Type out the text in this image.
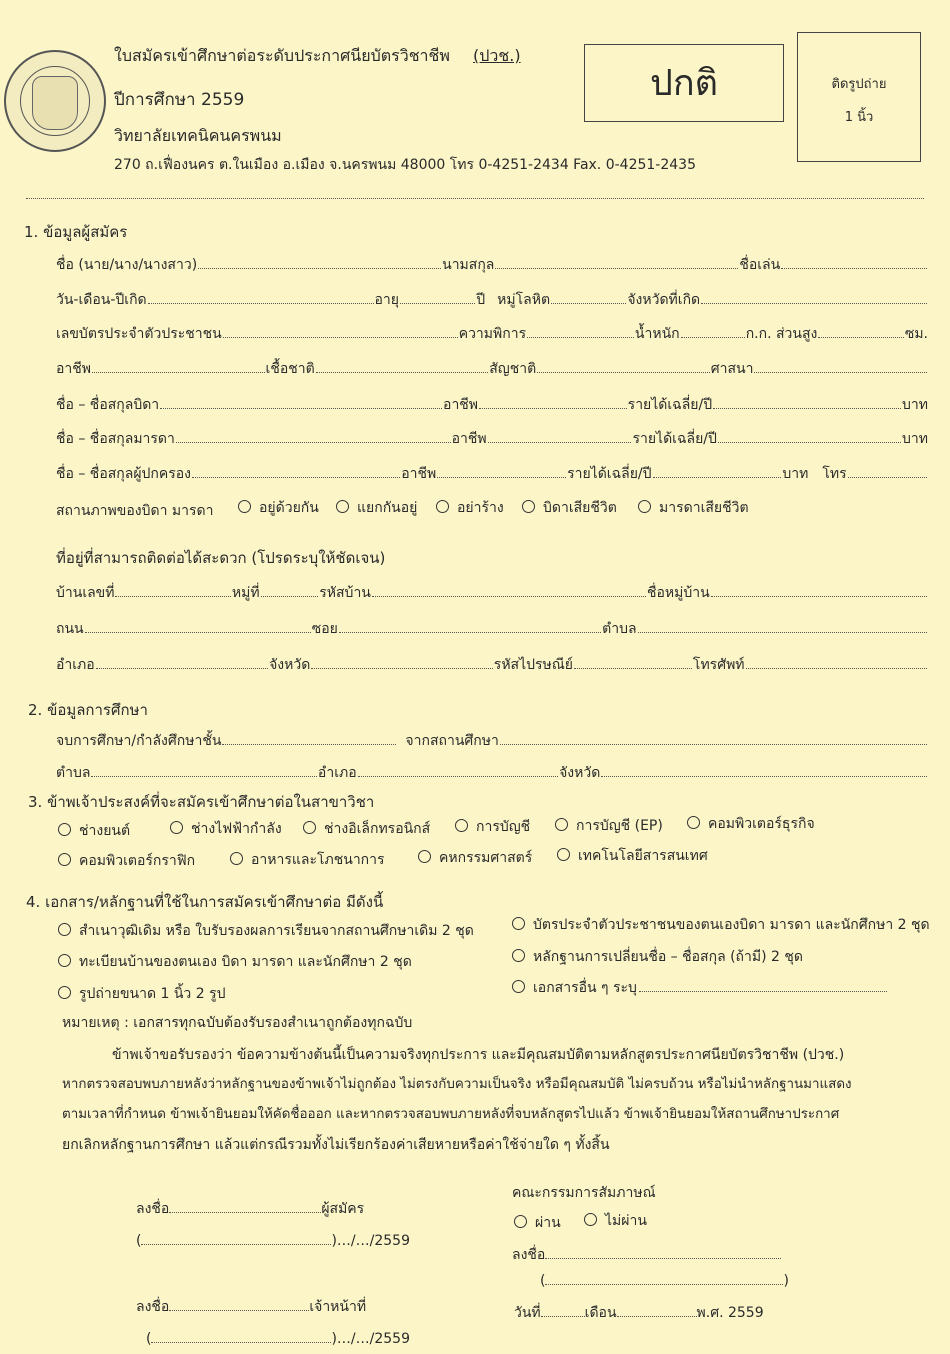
ใบสมัครเข้าศึกษาต่อระดับประกาศนียบัตรวิชาชีพ (ปวช.)
ปีการศึกษา 2559
วิทยาลัยเทคนิคนครพนม
270 ถ.เฟื่องนคร ต.ในเมือง อ.เมือง จ.นครพนม 48000 โทร 0-4251-2434 Fax. 0-4251-2435
ปกติ	ติดรูปถ่าย
1 นิ้ว
1. ข้อมูลผู้สมัคร
ชื่อ (นาย/นาง/นางสาว)	นามสกุล	ชื่อเล่น
วัน-เดือน-ปีเกิด	อายุ	ปี หมู่โลหิต	จังหวัดที่เกิด
เลขบัตรประจำตัวประชาชน	ความพิการ	น้ำหนัก	ก.ก. ส่วนสูง	ซม.
อาชีพ	เชื้อชาติ	สัญชาติ	ศาสนา
ชื่อ – ชื่อสกุลบิดา	อาชีพ	รายได้เฉลี่ย/ปี	บาท
ชื่อ – ชื่อสกุลมารดา	อาชีพ	รายได้เฉลี่ย/ปี	บาท
ชื่อ – ชื่อสกุลผู้ปกครอง	อาชีพ	รายได้เฉลี่ย/ปี	บาท โทร
สถานภาพของบิดา มารดา	อยู่ด้วยกัน	แยกกันอยู่	อย่าร้าง	บิดาเสียชีวิต	มารดาเสียชีวิต
ที่อยู่ที่สามารถติดต่อได้สะดวก (โปรดระบุให้ชัดเจน)
บ้านเลขที่	หมู่ที่	รหัสบ้าน	ชื่อหมู่บ้าน
ถนน	ซอย	ตำบล
อำเภอ	จังหวัด	รหัสไปรษณีย์	โทรศัพท์
2. ข้อมูลการศึกษา
จบการศึกษา/กำลังศึกษาชั้น	จากสถานศึกษา
ตำบล	อำเภอ	จังหวัด
3. ข้าพเจ้าประสงค์ที่จะสมัครเข้าศึกษาต่อในสาขาวิชา
ช่างยนต์	ช่างไฟฟ้ากำลัง	ช่างอิเล็กทรอนิกส์	การบัญชี	การบัญชี (EP)	คอมพิวเตอร์ธุรกิจ
คอมพิวเตอร์กราฟิก	อาหารและโภชนาการ	คหกรรมศาสตร์	เทคโนโลยีสารสนเทศ
4. เอกสาร/หลักฐานที่ใช้ในการสมัครเข้าศึกษาต่อ มีดังนี้
สำเนาวุฒิเดิม หรือ ใบรับรองผลการเรียนจากสถานศึกษาเดิม 2 ชุด
ทะเบียนบ้านของตนเอง บิดา มารดา และนักศึกษา 2 ชุด
รูปถ่ายขนาด 1 นิ้ว 2 รูป
บัตรประจำตัวประชาชนของตนเองบิดา มารดา และนักศึกษา 2 ชุด
หลักฐานการเปลี่ยนชื่อ – ชื่อสกุล (ถ้ามี) 2 ชุด
เอกสารอื่น ๆ ระบุ
หมายเหตุ : เอกสารทุกฉบับต้องรับรองสำเนาถูกต้องทุกฉบับ
ข้าพเจ้าขอรับรองว่า ข้อความข้างต้นนี้เป็นความจริงทุกประการ และมีคุณสมบัติตามหลักสูตรประกาศนียบัตรวิชาชีพ (ปวช.)
หากตรวจสอบพบภายหลังว่าหลักฐานของข้าพเจ้าไม่ถูกต้อง ไม่ตรงกับความเป็นจริง หรือมีคุณสมบัติ ไม่ครบถ้วน หรือไม่นำหลักฐานมาแสดง
ตามเวลาที่กำหนด ข้าพเจ้ายินยอมให้คัดชื่อออก และหากตรวจสอบพบภายหลังที่จบหลักสูตรไปแล้ว ข้าพเจ้ายินยอมให้สถานศึกษาประกาศ
ยกเลิกหลักฐานการศึกษา แล้วแต่กรณีรวมทั้งไม่เรียกร้องค่าเสียหายหรือค่าใช้จ่ายใด ๆ ทั้งสิ้น
ลงชื่อ	ผู้สมัคร
(	)…/…/2559
ลงชื่อ	เจ้าหน้าที่
(	)…/…/2559
คณะกรรมการสัมภาษณ์
ผ่าน	ไม่ผ่าน
ลงชื่อ
(	)
วันที่	เดือน	พ.ศ. 2559
